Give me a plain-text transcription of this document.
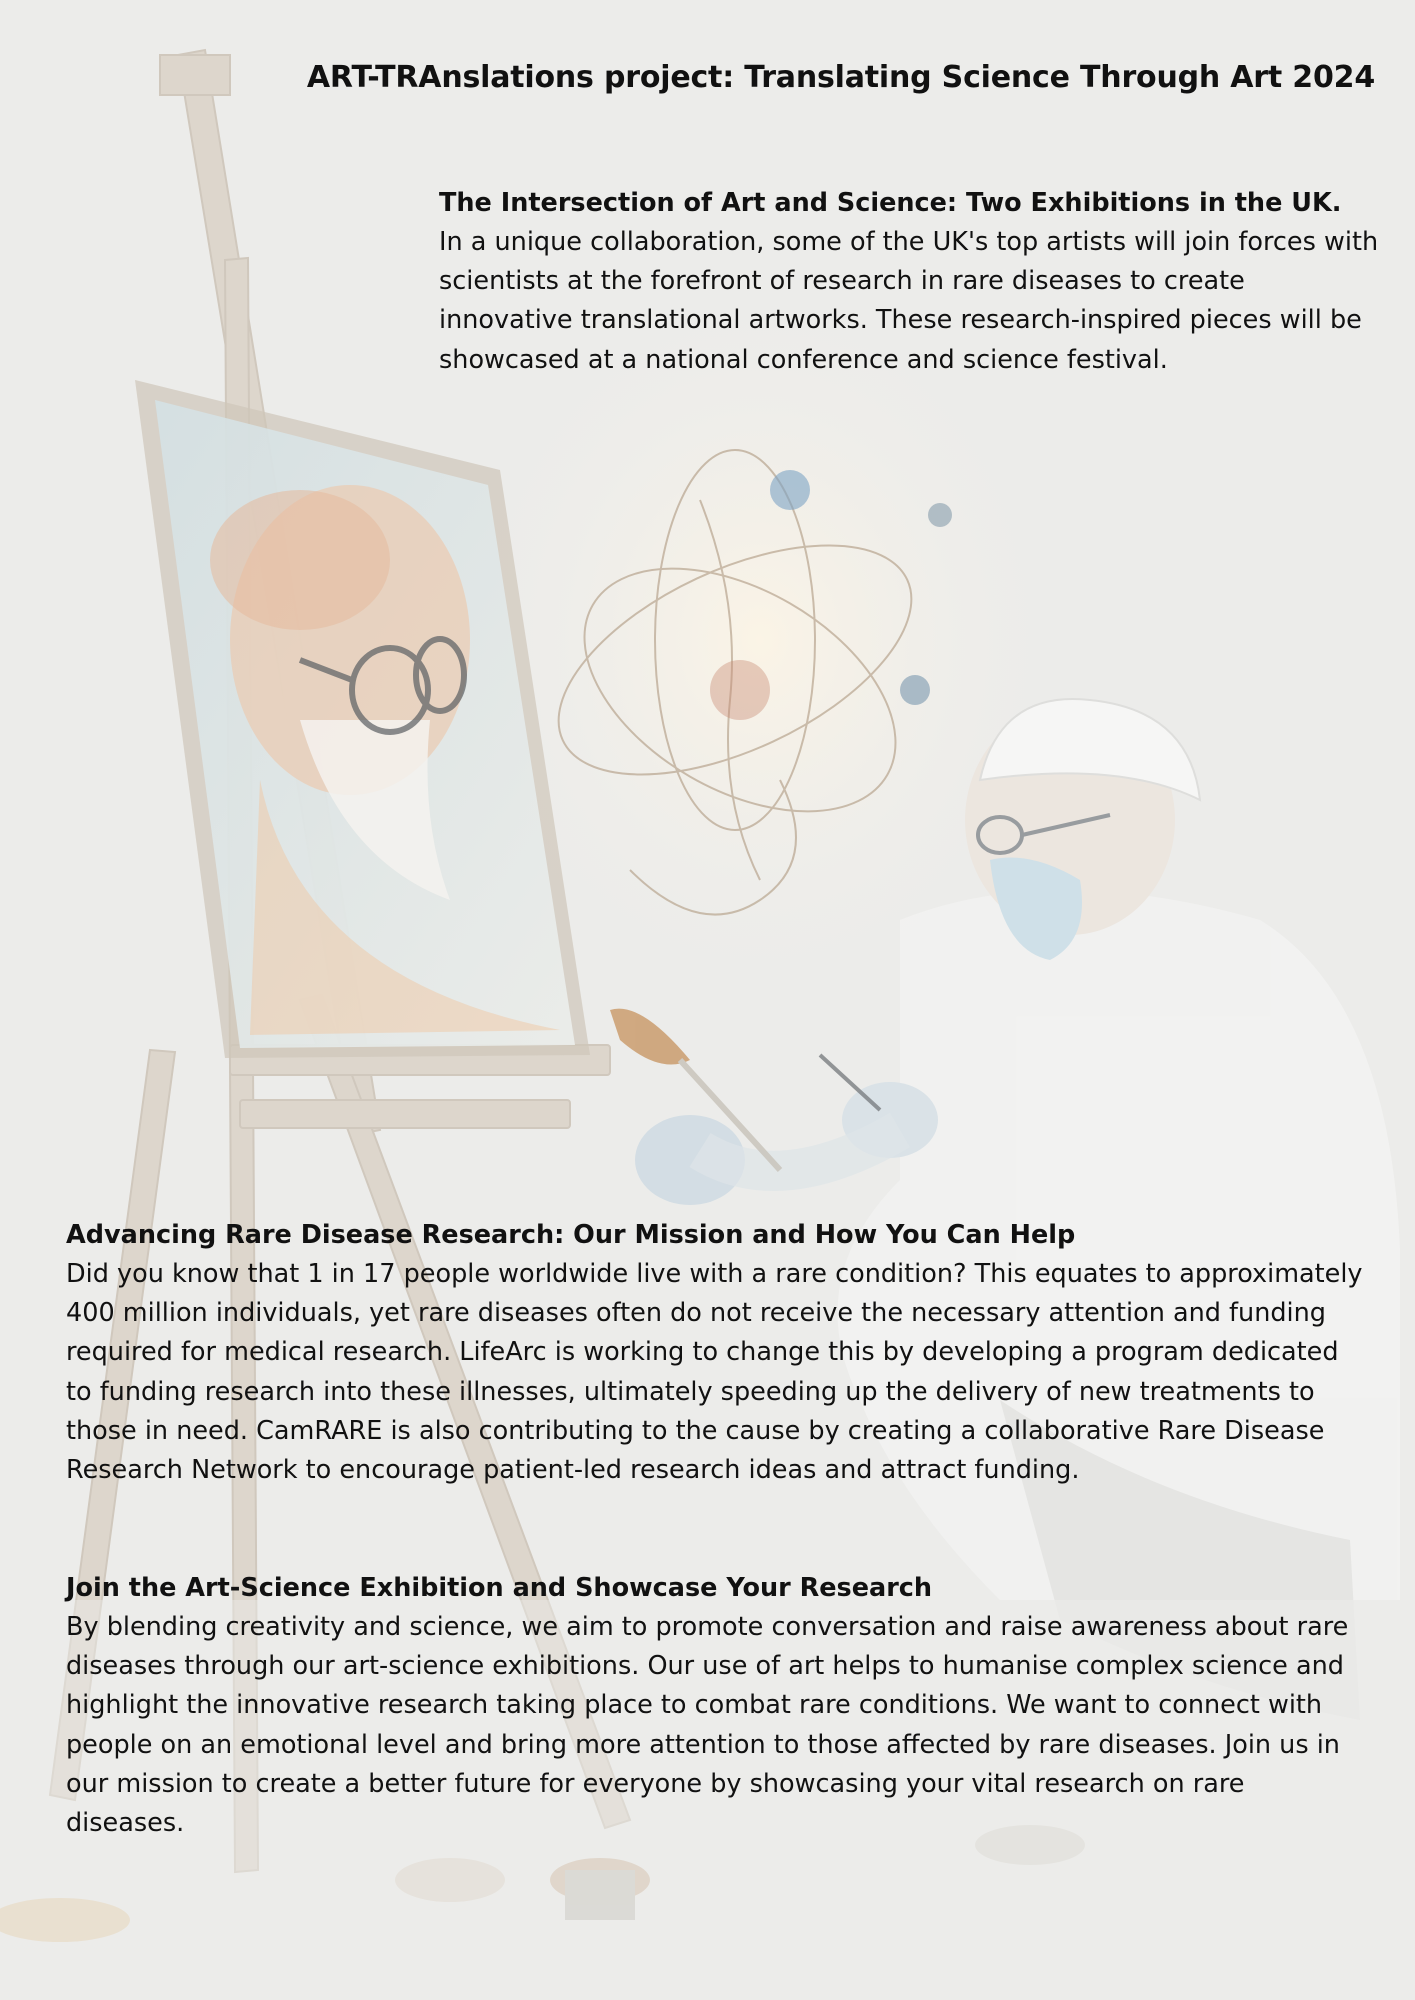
ART-TRAnslations project: Translating Science Through Art 2024
The Intersection of Art and Science: Two Exhibitions in the UK.

In a unique collaboration, some of the UK's top artists will join forces with scientists at the forefront of research in rare diseases to create innovative translational artworks. These research-inspired pieces will be showcased at a national conference and science festival.

Advancing Rare Disease Research: Our Mission and How You Can Help

Did you know that 1 in 17 people worldwide live with a rare condition? This equates to approximately 400 million individuals, yet rare diseases often do not receive the necessary attention and funding required for medical research. LifeArc is working to change this by developing a program dedicated to funding research into these illnesses, ultimately speeding up the delivery of new treatments to those in need. CamRARE is also contributing to the cause by creating a collaborative Rare Disease Research Network to encourage patient-led research ideas and attract funding.

Join the Art-Science Exhibition and Showcase Your Research

By blending creativity and science, we aim to promote conversation and raise awareness about rare diseases through our art-science exhibitions. Our use of art helps to humanise complex science and highlight the innovative research taking place to combat rare conditions. We want to connect with people on an emotional level and bring more attention to those affected by rare diseases. Join us in our mission to create a better future for everyone by showcasing your vital research on rare diseases.
